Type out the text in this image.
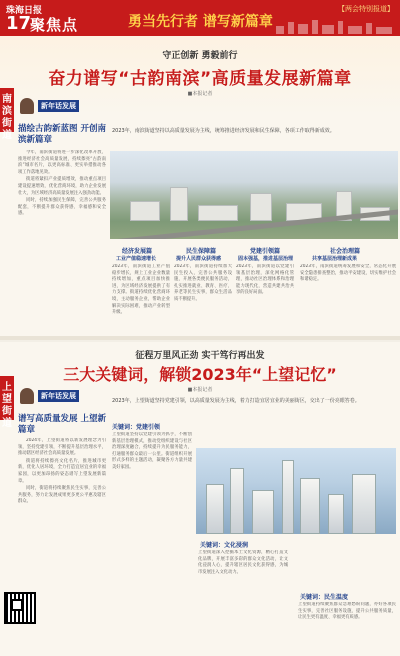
珠海日报
17
聚焦点	勇当先行者 谱写新篇章
【两会特别报道】
守正创新 勇毅前行
奋力谱写“古韵南滨”高质量发展新篇章
■本报记者
南滨街道
新年话发展
描绘古韵新蓝图 开创南滨新篇章

今年，南滨街道将进一步深化改革开放、推进经济社会高质量发展，持续擦亮“古韵南滨”城市名片，以更高标准、更实举措推动各项工作落地见效。

街道将紧扣产业提质增效，推动重点项目建设提速增效，优化营商环境，助力企业发展壮大，为区域经济高质量发展注入强劲动能。

同时，持续加强民生保障，完善公共服务配套，不断提升群众获得感、幸福感和安全感。

2023年，南滨街道坚持以高质量发展为主线，统筹推进经济发展和民生保障，各项工作取得新成效。
经济发展篇
工业产值稳速增长
2023年，南滨街道工业产值稳步增长，规上工业企业数量持续增加，重点项目加快推进，为区域经济发展提供了有力支撑。街道持续优化营商环境，主动服务企业，帮助企业解决实际困难，推动产业转型升级。
民生保障篇
提升人民群众获得感
2023年，南滨街道持续加大民生投入，完善公共服务设施，开展各类便民服务活动，扎实推进就业、教育、医疗、养老等民生实事，群众生活品质不断提升。
党建引领篇
固本强基，推进基层治理
2023年，南滨街道以党建引领基层治理，深化网格化管理，推动社区治理体系和治理能力现代化，营造共建共治共享的良好局面。
社会治理篇
共享基层治理新成果
2023年，南滨街道统筹发展和安全，常态化开展安全隐患排查整治，推动平安建设，切实维护社会和谐稳定。
征程万里风正劲 实干笃行再出发
三大关键词，解锁2023年“上望记忆”
■本报记者
上望街道
新年话发展
谱写高质量发展 上望新篇章

2024年，上望街道将以新发展理念为引领，坚持党建引领，不断提升基层治理水平，推动辖区经济社会高质量发展。

街道将持续擦亮文化名片，推进城市更新，优化人居环境，全力打造宜居宜业的幸福家园，以更加昂扬的姿态谱写上望发展新篇章。

同时，街道将持续聚焦民生实事，完善公共服务，努力让发展成果更多更公平惠及辖区群众。

2023年，上望街道坚持党建引领，以高质量发展为主线，着力打造宜居宜业的美丽街区，交出了一份亮眼答卷。
关键词：党建引领
上望街道坚持以党建引领为抓手，不断创新基层治理模式，推动党组织建设与社区治理深度融合，持续提升为民服务能力，打通服务群众最后一公里。街道组织开展形式多样的主题活动，凝聚各方力量共建美好家园。
关键词：文化浸润
上望街道深入挖掘本土文化资源，精心打造文化品牌，开展丰富多彩的群众文化活动，让文化浸润人心，提升辖区居民文化获得感，为城市发展注入文化动力。
关键词：民生温度
上望街道持续聚焦群众急难愁盼问题，办好各项民生实事，完善社区服务设施，提升公共服务质量，让民生更有温度、幸福更有质感。
